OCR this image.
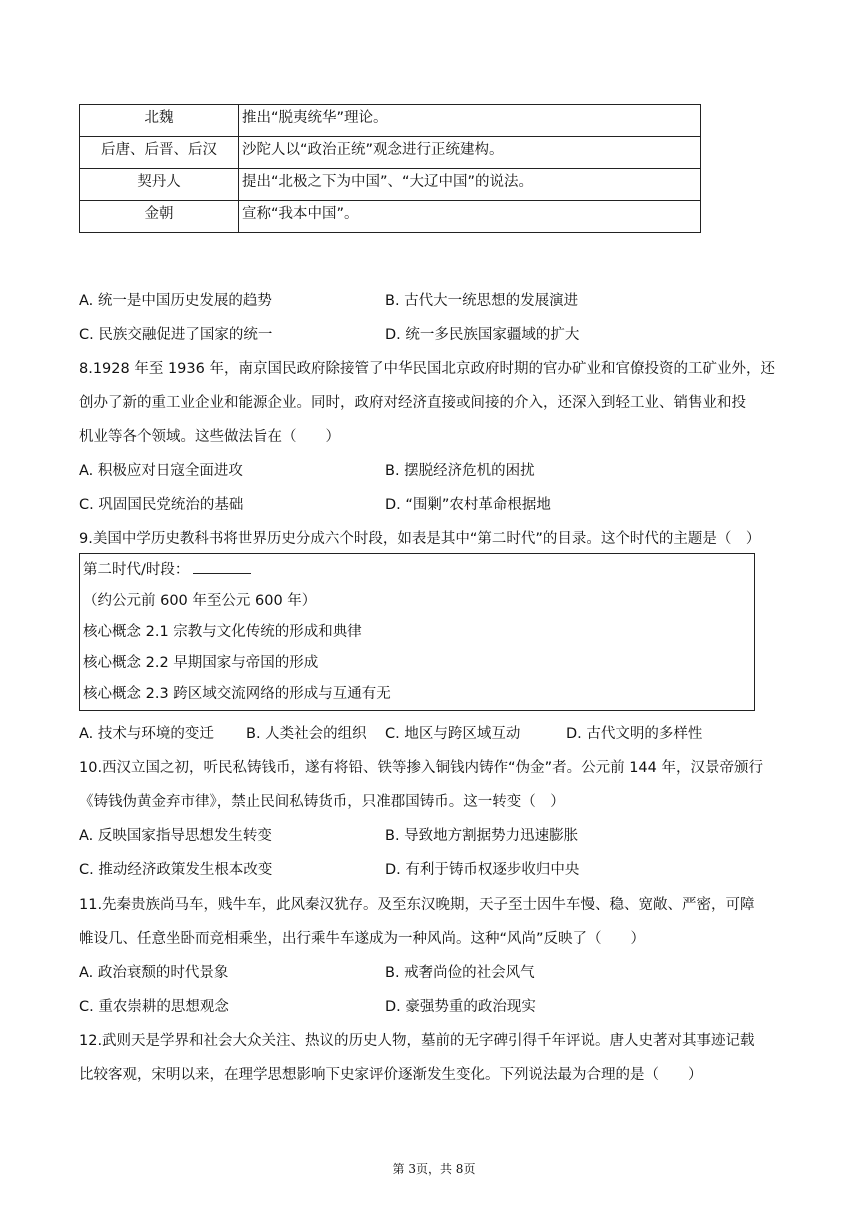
北魏	推出“脱夷统华”理论。
后唐、后晋、后汉	沙陀人以“政治正统”观念进行正统建构。
契丹人	提出“北极之下为中国”、“大辽中国”的说法。
金朝	宣称“我本中国”。
A. 统一是中国历史发展的趋势	B. 古代大一统思想的发展演进
C. 民族交融促进了国家的统一	D. 统一多民族国家疆域的扩大
8.1928 年至 1936 年，南京国民政府除接管了中华民国北京政府时期的官办矿业和官僚投资的工矿业外，还
创办了新的重工业企业和能源企业。同时，政府对经济直接或间接的介入，还深入到轻工业、销售业和投
机业等各个领域。这些做法旨在（　　）
A. 积极应对日寇全面进攻	B. 摆脱经济危机的困扰
C. 巩固国民党统治的基础	D. “围剿”农村革命根据地
9.美国中学历史教科书将世界历史分成六个时段，如表是其中“第二时代”的目录。这个时代的主题是（　）
第二时代/时段：
（约公元前 600 年至公元 600 年）
核心概念 2.1 宗教与文化传统的形成和典律
核心概念 2.2 早期国家与帝国的形成
核心概念 2.3 跨区域交流网络的形成与互通有无
A. 技术与环境的变迁 B. 人类社会的组织 C. 地区与跨区域互动	D. 古代文明的多样性
10.西汉立国之初，听民私铸钱币，遂有将铅、铁等掺入铜钱内铸作“伪金”者。公元前 144 年，汉景帝颁行
《铸钱伪黄金弃市律》，禁止民间私铸货币，只准郡国铸币。这一转变（　）
A. 反映国家指导思想发生转变	B. 导致地方割据势力迅速膨胀
C. 推动经济政策发生根本改变	D. 有利于铸币权逐步收归中央
11.先秦贵族尚马车，贱牛车，此风秦汉犹存。及至东汉晚期，天子至士因牛车慢、稳、宽敞、严密，可障
帷设几、任意坐卧而竞相乘坐，出行乘牛车遂成为一种风尚。这种“风尚”反映了（　　）
A. 政治衰颓的时代景象	B. 戒奢尚俭的社会风气
C. 重农崇耕的思想观念	D. 豪强势重的政治现实
12.武则天是学界和社会大众关注、热议的历史人物，墓前的无字碑引得千年评说。唐人史著对其事迹记载
比较客观，宋明以来，在理学思想影响下史家评价逐渐发生变化。下列说法最为合理的是（　　）
第 3页，共 8页
